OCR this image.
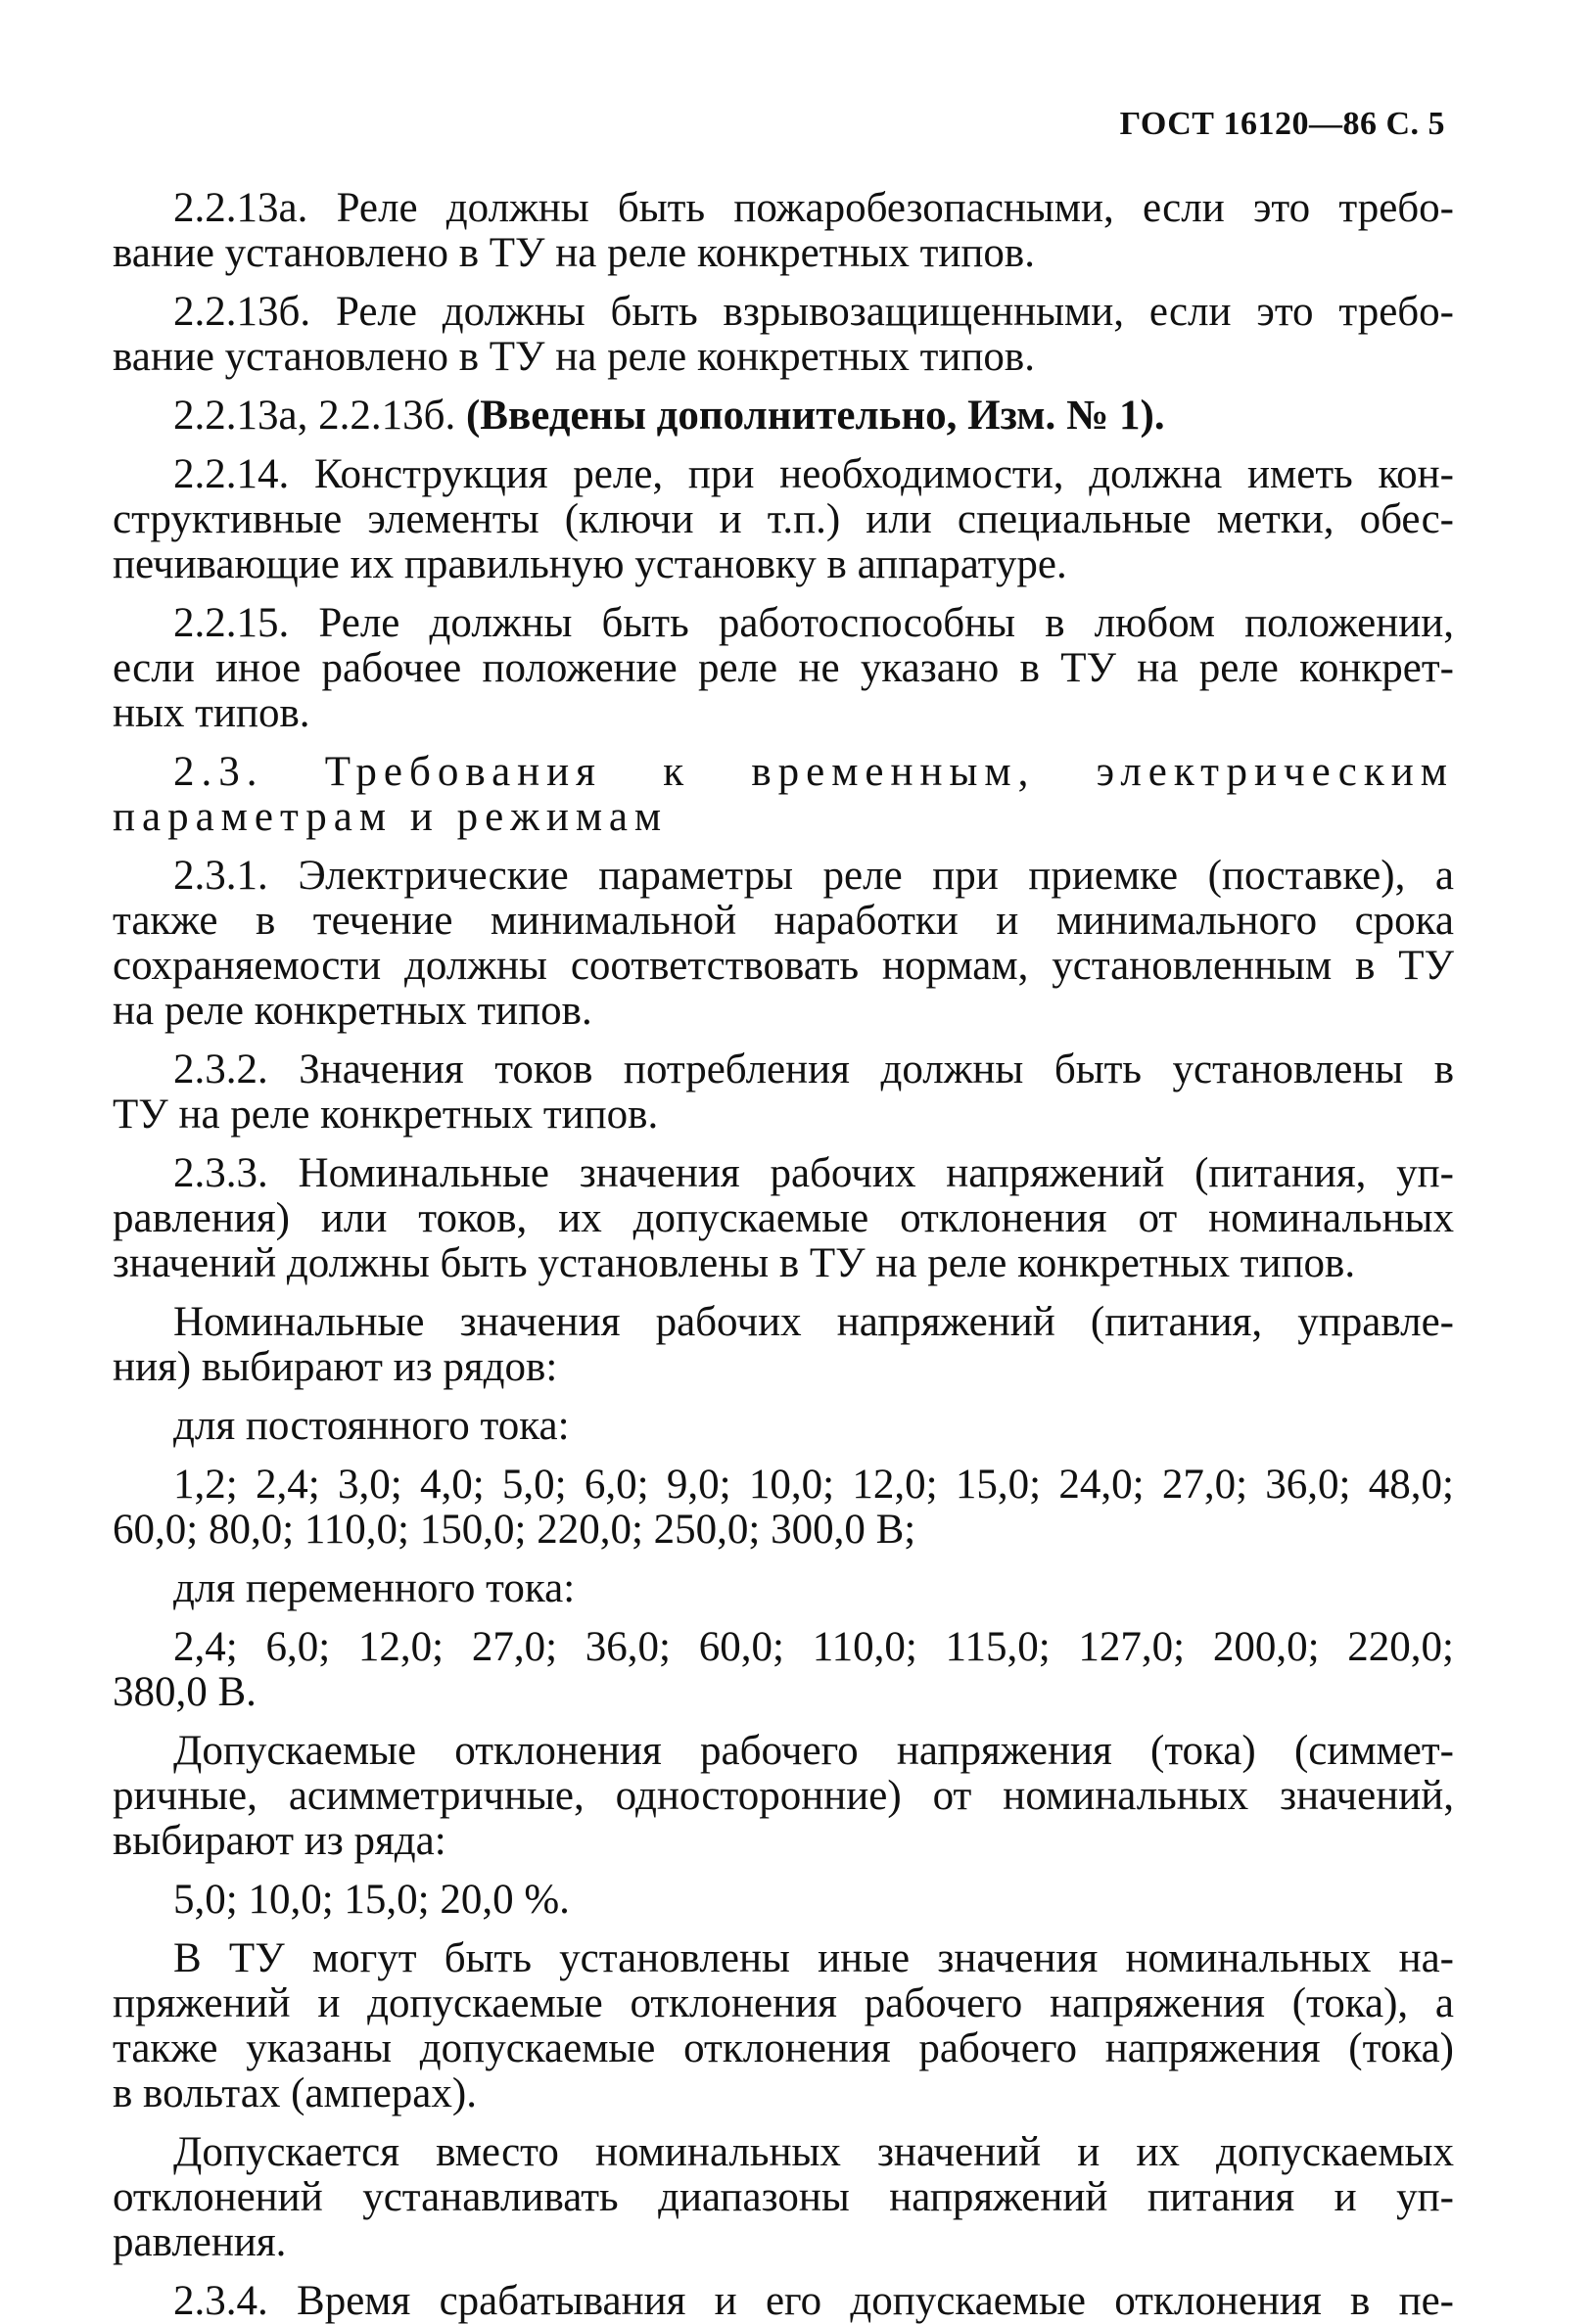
ГОСТ 16120—86 С. 5
2.2.13а. Реле должны быть пожаробезопасными, если это требо-
вание установлено в ТУ на реле конкретных типов.
2.2.13б. Реле должны быть взрывозащищенными, если это требо-
вание установлено в ТУ на реле конкретных типов.
2.2.13а, 2.2.13б. (Введены дополнительно, Изм. № 1).
2.2.14. Конструкция реле, при необходимости, должна иметь кон-
структивные элементы (ключи и т.п.) или специальные метки, обес-
печивающие их правильную установку в аппаратуре.
2.2.15. Реле должны быть работоспособны в любом положении,
если иное рабочее положение реле не указано в ТУ на реле конкрет-
ных типов.
2.3. Требования к временным, электрическим
параметрам и режимам
2.3.1. Электрические параметры реле при приемке (поставке), а
также в течение минимальной наработки и минимального срока
сохраняемости должны соответствовать нормам, установленным в ТУ
на реле конкретных типов.
2.3.2. Значения токов потребления должны быть установлены в
ТУ на реле конкретных типов.
2.3.3. Номинальные значения рабочих напряжений (питания, уп-
равления) или токов, их допускаемые отклонения от номинальных
значений должны быть установлены в ТУ на реле конкретных типов.
Номинальные значения рабочих напряжений (питания, управле-
ния) выбирают из рядов:
для постоянного тока:
1,2; 2,4; 3,0; 4,0; 5,0; 6,0; 9,0; 10,0; 12,0; 15,0; 24,0; 27,0; 36,0; 48,0;
60,0; 80,0; 110,0; 150,0; 220,0; 250,0; 300,0 В;
для переменного тока:
2,4; 6,0; 12,0; 27,0; 36,0; 60,0; 110,0; 115,0; 127,0; 200,0; 220,0;
380,0 В.
Допускаемые отклонения рабочего напряжения (тока) (симмет-
ричные, асимметричные, односторонние) от номинальных значений,
выбирают из ряда:
5,0; 10,0; 15,0; 20,0 %.
В ТУ могут быть установлены иные значения номинальных на-
пряжений и допускаемые отклонения рабочего напряжения (тока), а
также указаны допускаемые отклонения рабочего напряжения (тока)
в вольтах (амперах).
Допускается вместо номинальных значений и их допускаемых
отклонений устанавливать диапазоны напряжений питания и уп-
равления.
2.3.4. Время срабатывания и его допускаемые отклонения в пе-
